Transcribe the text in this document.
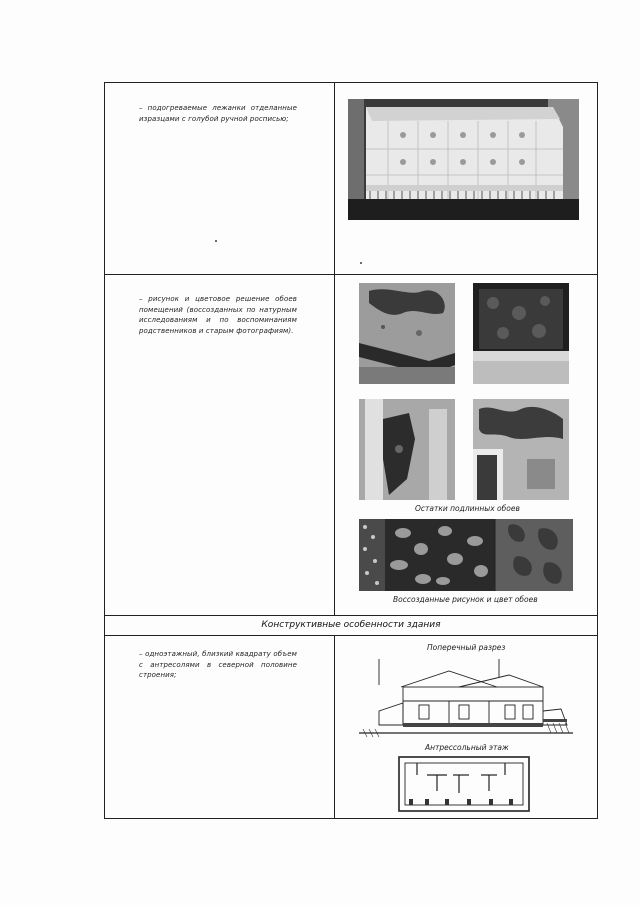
– подогреваемые лежанки отделанные изразцами с голубой ручной росписью;
– рисунок и цветовое решение обоев помещений (воссозданных по натурным исследованиям и по воспоминаниям родственников и старым фотографиям).
Остатки подлинных обоев
Воссозданные рисунок и цвет обоев
Конструктивные особенности здания
– одноэтажный, близкий квадрату объем с антресолями в северной половине строения;
Поперечный разрез
Антрессольный этаж
